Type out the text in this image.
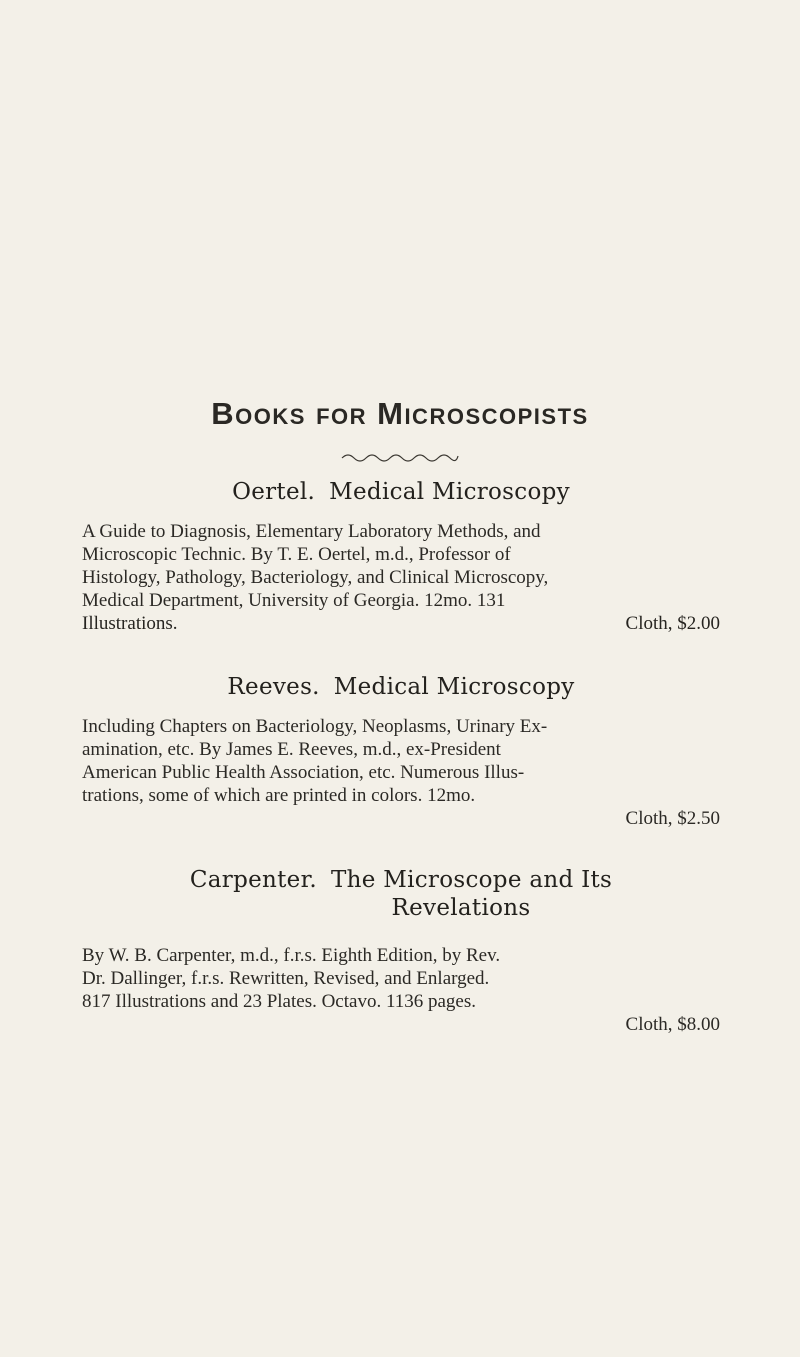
Books for Microscopists
Oertel. Medical Microscopy
A Guide to Diagnosis, Elementary Laboratory Methods, and
Microscopic Technic. By T. E. Oertel, m.d., Professor of
Histology, Pathology, Bacteriology, and Clinical Microscopy,
Medical Department, University of Georgia. 12mo. 131
Illustrations.	Cloth, $2.00
Reeves. Medical Microscopy
Including Chapters on Bacteriology, Neoplasms, Urinary Ex-
amination, etc. By James E. Reeves, m.d., ex-President
American Public Health Association, etc. Numerous Illus-
trations, some of which are printed in colors. 12mo.
Cloth, $2.50
Carpenter. The Microscope and Its
Revelations
By W. B. Carpenter, m.d., f.r.s. Eighth Edition, by Rev.
Dr. Dallinger, f.r.s. Rewritten, Revised, and Enlarged.
817 Illustrations and 23 Plates. Octavo. 1136 pages.
Cloth, $8.00
